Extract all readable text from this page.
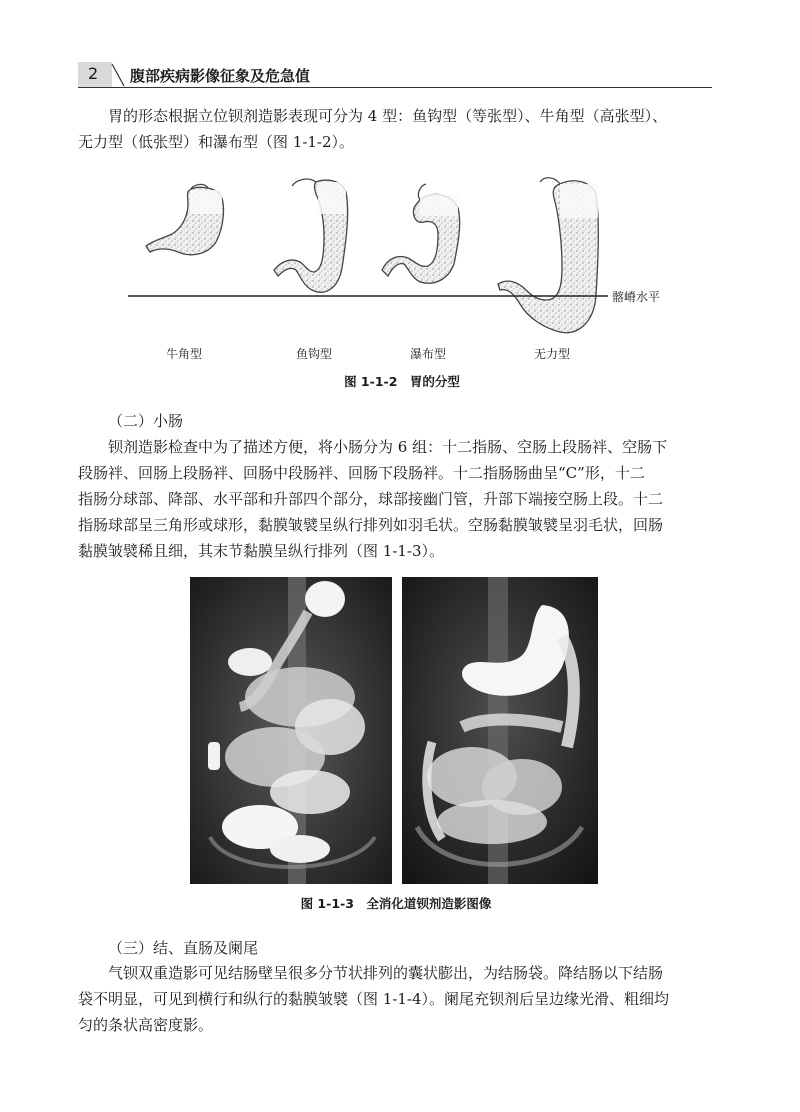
2 腹部疾病影像征象及危急值

胃的形态根据立位钡剂造影表现可分为 4 型：鱼钩型（等张型）、牛角型（高张型）、
无力型（低张型）和瀑布型（图 1-1-2）。

髂嵴水平
牛角型	鱼钩型	瀑布型	无力型
图 1-1-2　胃的分型
（二）小肠

钡剂造影检查中为了描述方便，将小肠分为 6 组：十二指肠、空肠上段肠袢、空肠下
段肠袢、回肠上段肠袢、回肠中段肠袢、回肠下段肠袢。十二指肠肠曲呈“C”形，十二
指肠分球部、降部、水平部和升部四个部分，球部接幽门管，升部下端接空肠上段。十二
指肠球部呈三角形或球形，黏膜皱襞呈纵行排列如羽毛状。空肠黏膜皱襞呈羽毛状，回肠
黏膜皱襞稀且细，其末节黏膜呈纵行排列（图 1-1-3）。

图 1-1-3　全消化道钡剂造影图像
（三）结、直肠及阑尾

气钡双重造影可见结肠壁呈很多分节状排列的囊状膨出，为结肠袋。降结肠以下结肠
袋不明显，可见到横行和纵行的黏膜皱襞（图 1-1-4）。阑尾充钡剂后呈边缘光滑、粗细均
匀的条状高密度影。
